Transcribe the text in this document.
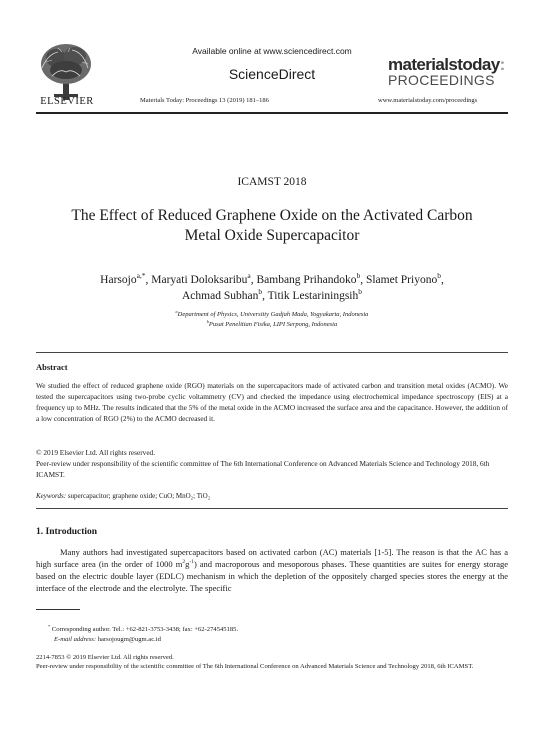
ELSEVIER
Available online at www.sciencedirect.com
ScienceDirect
Materials Today: Proceedings 13 (2019) 181–186	www.materialstoday.com/proceedings
materialstoday:
PROCEEDINGS
ICAMST 2018
The Effect of Reduced Graphene Oxide on the Activated Carbon
Metal Oxide Supercapacitor
Harsojo$^{a,*}$, Maryati Doloksaribu$^a$, Bambang Prihandoko$^b$, Slamet Priyono$^b$,
Achmad Subhan$^b$, Titik Lestariningsih$^b$
$^a$Department of Physics, Universitiy Gadjah Mada, Yogyakarta, Indonesia
$^b$Pusat Penelitian Fisika, LIPI Serpong, Indonesia
Abstract
We studied the effect of reduced graphene oxide (RGO) materials on the supercapacitors made of activated carbon and transition metal oxides (ACMO). We tested the supercapacitors using two-probe cyclic voltammetry (CV) and checked the impedance using electrochemical impedance spectroscopy (EIS) at a frequency up to MHz. The results indicated that the 5% of the metal oxide in the ACMO increased the surface area and the capacitance. However, the addition of a low concentration of RGO (2%) to the ACMO decreased it.
© 2019 Elsevier Ltd. All rights reserved.
Peer-review under responsibility of the scientific committee of The 6th International Conference on Advanced Materials Science and Technology 2018, 6th ICAMST.
Keywords: supercapacitor; graphene oxide; CuO; MnO₂; TiO₂
1. Introduction
Many authors had investigated supercapacitors based on activated carbon (AC) materials [1-5]. The reason is that the AC has a high surface area (in the order of 1000 $m^2g^{-1}$) and macroporous and mesoporous phases. These quantities are suites for energy storage based on the electric double layer (EDLC) mechanism in which the depletion of the oppositely charged species stores the energy at the interface of the electrode and the electrolyte. The specific
* Corresponding author. Tel.: +62-821-3753-3438; fax: +62-274545185.
E-mail address: harsojougm@ugm.ac.id
2214-7853 © 2019 Elsevier Ltd. All rights reserved.
Peer-review under responsibility of the scientific committee of The 6th International Conference on Advanced Materials Science and Technology 2018, 6th ICAMST.
